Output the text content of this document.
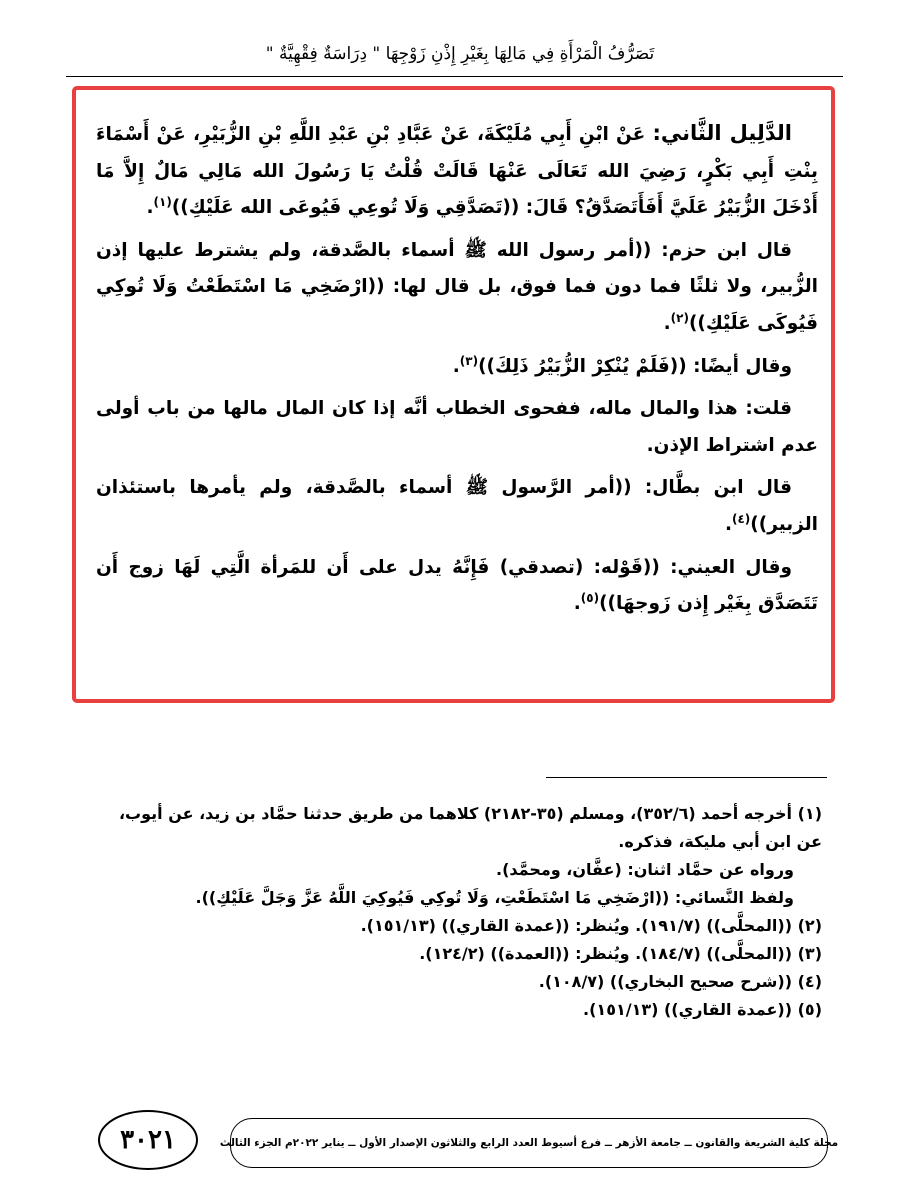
تَصَرُّفُ الْمَرْأَةِ فِي مَالِهَا بِغَيْرِ إِذْنِ زَوْجِهَا " دِرَاسَةٌ فِقْهِيَّةٌ "

الدَّلِيل الثَّاني: عَنْ ابْنِ أَبِي مُلَيْكَةَ، عَنْ عَبَّادِ بْنِ عَبْدِ اللَّهِ بْنِ الزُّبَيْرِ، عَنْ أَسْمَاءَ بِنْتِ أَبِي بَكْرٍ، رَضِيَ الله تَعَالَى عَنْهَا قَالَتْ قُلْتُ يَا رَسُولَ الله مَالِي مَالٌ إِلاَّ مَا أَدْخَلَ الزُّبَيْرُ عَلَيَّ أَفَأَتَصَدَّقُ؟ قَالَ: ((تَصَدَّقِي وَلَا تُوعِي فَيُوعَى الله عَلَيْكِ))$^{(١)}$.

قال ابن حزم: ((أمر رسول الله ﷺ أسماء بالصَّدقة، ولم يشترط عليها إذن الزُّبير، ولا ثلثًا فما دون فما فوق، بل قال لها: ((ارْضَخِي مَا اسْتَطَعْتُ وَلَا تُوكِي فَيُوكَى عَلَيْكِ))$^{(٢)}$.

وقال أيضًا: ((فَلَمْ يُنْكِرْ الزُّبَيْرُ ذَلِكَ))$^{(٣)}$.

قلت: هذا والمال ماله، ففحوى الخطاب أنَّه إذا كان المال مالها من باب أولى عدم اشتراط الإذن.

قال ابن بطَّال: ((أمر الرَّسول ﷺ أسماء بالصَّدقة، ولم يأمرها باستئذان الزبير))$^{(٤)}$.

وقال العيني: ((قَوْله: (تصدقي) فَإِنَّهُ يدل على أَن للمَرأة الَّتِي لَهَا زوج أَن تَتَصَدَّق بِغَيْر إِذن زَوجهَا))$^{(٥)}$.

(١) أخرجه أحمد (٣٥٢/٦)، ومسلم (٣٥-٢١٨٢) كلاهما من طريق حدثنا حمَّاد بن زيد، عن أيوب، عن ابن أبي مليكة، فذكره.

ورواه عن حمَّاد اثنان: (عفَّان، ومحمَّد).

ولفظ النَّسائي: ((ارْضَخِي مَا اسْتَطَعْتِ، وَلَا تُوكِي فَيُوكِيَ اللَّهُ عَزَّ وَجَلَّ عَلَيْكِ)).

(٢) ((المحلَّى)) (١٩١/٧). ويُنظر: ((عمدة القاري)) (١٥١/١٣).

(٣) ((المحلَّى)) (١٨٤/٧). ويُنظر: ((العمدة)) (١٢٤/٢).

(٤) ((شرح صحيح البخاري)) (١٠٨/٧).

(٥) ((عمدة القاري)) (١٥١/١٣).

٣٠٢١	مجلة كلية الشريعة والقانون ــ جامعة الأزهر ــ فرع أسيوط العدد الرابع والثلاثون الإصدار الأول ــ يناير ٢٠٢٢م الجزء الثالث
